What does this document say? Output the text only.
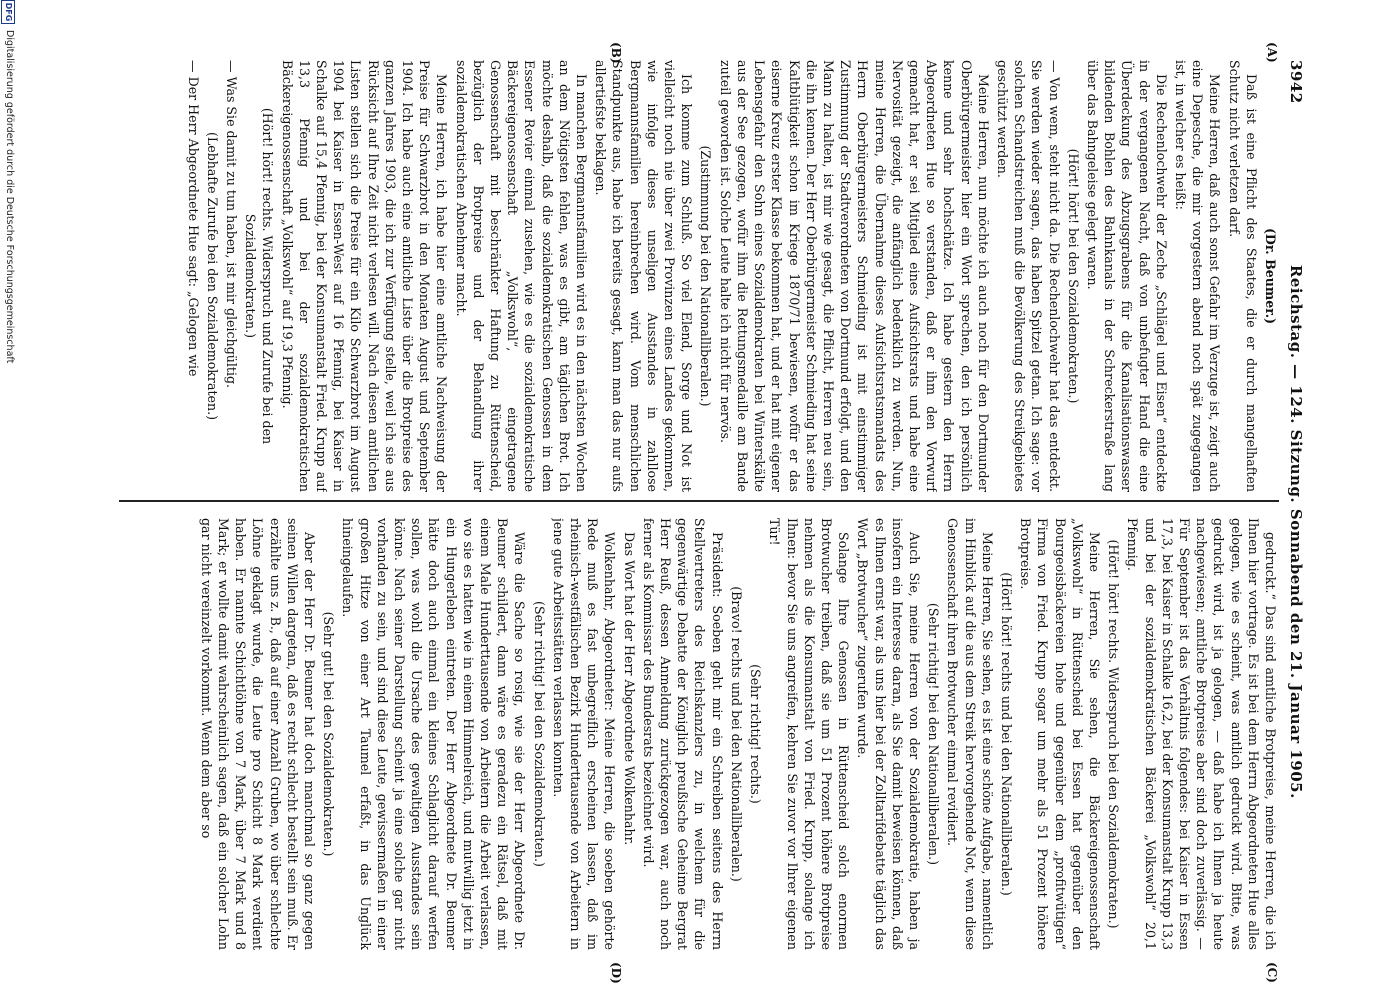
3942
Reichstag. — 124. Sitzung. Sonnabend den 21. Januar 1905.
(A)
(B)
(C)
(D)

(Dr. Beumer.)

Daß ist eine Pflicht des Staates, die er durch mangelhaften Schutz nicht verletzen darf.

Meine Herren, daß auch sonst Gefahr im Verzuge ist, zeigt auch eine Depesche, die mir vorgestern abend noch spät zugegangen ist, in welcher es heißt:

Die Rechenlochwehr der Zeche „Schlägel und Eisen“ entdeckte in der vergangenen Nacht, daß von unbefugter Hand die eine Überdeckung des Abzugsgrabens für die Kanalisationswasser bildenden Bohlen des Bahnkanals in der Schreckerstraße lang über das Bahngeleise gelegt waren.

(Hört! hört! bei den Sozialdemokraten.)

— Von wem, steht nicht da. Die Rechenlochwehr hat das entdeckt. Sie werden wieder sagen, das haben Spitzel getan. Ich sage: vor solchen Schandstreichen muß die Bevölkerung des Streikgebietes geschützt werden.

Meine Herren, nun möchte ich auch noch für den Dortmunder Oberbürgermeister hier ein Wort sprechen, den ich persönlich kenne und sehr hochschätze. Ich habe gestern den Herrn Abgeordneten Hue so verstanden, daß er ihm den Vorwurf gemacht hat, er sei Mitglied eines Aufsichtsrats und habe eine Nervosität gezeigt, die anfänglich bedenklich zu werden. Nun, meine Herren, die Übernahme dieses Aufsichtsratsmandats des Herrn Oberbürgermeisters Schmieding ist mit einstimmiger Zustimmung der Stadtverordneten von Dortmund erfolgt, und den Mann zu halten, ist mir wie gesagt, die Pflicht, Herren neu sein, die ihn kennen. Der Herr Oberbürgermeister Schmieding hat seine Kaltblütigkeit schon im Kriege 1870/71 bewiesen, wofür er das eiserne Kreuz erster Klasse bekommen hat, und er hat mit eigener Lebensgefahr den Sohn eines Sozialdemokraten bei Winterskälte aus der See gezogen, wofür ihm die Rettungsmedaille am Bande zuteil geworden ist. Solche Leute halte ich nicht für nervös.

(Zustimmung bei den Nationalliberalen.)

Ich komme zum Schluß. So viel Elend, Sorge und Not ist vielleicht noch nie über zwei Provinzen eines Landes gekommen, wie infolge dieses unseligen Ausstandes in zahllose Bergmannsfamilien hereinbrechen wird. Vom menschlichen Standpunkte aus, habe ich bereits gesagt, kann man das nur aufs allertiefste beklagen.

In manchen Bergmannsfamilien wird es in den nächsten Wochen an dem Nötigsten fehlen, was es gibt, am täglichen Brot. Ich möchte deshalb, daß die sozialdemokratischen Genossen in dem Essener Revier einmal zusehen, wie es die sozialdemokratische Bäckereigenossenschaft „Volkswohl“, eingetragene Genossenschaft mit beschränkter Haftung zu Rüttenscheid, bezüglich der Brotpreise und der Behandlung ihrer sozialdemokratischen Abnehmer macht.

Meine Herren, ich habe hier eine amtliche Nachweisung der Preise für Schwarzbrot in den Monaten August und September 1904. Ich habe auch eine amtliche Liste über die Brotpreise des ganzen Jahres 1903, die ich zur Verfügung stelle, weil ich sie aus Rücksicht auf Ihre Zeit nicht verlesen will. Nach diesen amtlichen Listen stellen sich die Preise für ein Kilo Schwarzbrot im August 1904 bei Kaiser in Essen-West auf 16 Pfennig, bei Kaiser in Schalke auf 15,4 Pfennig, bei der Konsumanstalt Fried. Krupp auf 13,3 Pfennig und bei der sozialdemokratischen Bäckereigenossenschaft „Volkswohl“ auf 19,3 Pfennig.

(Hört! hört! rechts. Widerspruch und Zurufe bei den Sozialdemokraten.)

— Was Sie damit zu tun haben, ist mir gleichgültig.

(Lebhafte Zurufe bei den Sozialdemokraten.)

— Der Herr Abgeordnete Hue sagt: „Gelogen wie

gedruckt.“ Das sind amtliche Brotpreise, meine Herren, die ich Ihnen hier vortrage. Es ist bei dem Herrn Abgeordneten Hue alles gelogen, wie es scheint, was amtlich gedruckt wird. Bitte, was gedruckt wird, ist ja gelogen, — daß habe ich Ihnen ja heute nachgewiesen; amtliche Brotpreise aber sind doch zuverlässig. — Für September ist das Verhältnis folgendes: bei Kaiser in Essen 17,3, bei Kaiser in Schalke 16,2, bei der Konsumanstalt Krupp 13,3 und bei der sozialdemokratischen Bäckerei „Volkswohl“ 20,1 Pfennig.

(Hört! hört! rechts. Widerspruch bei den Sozialdemokraten.)

Meine Herren, Sie sehen, die Bäckereigenossenschaft „Volkswohl“ in Rüttenscheid bei Essen hat gegenüber den Bourgeoisbäckereien hohe und gegenüber dem „profitwütigen“ Firma von Fried. Krupp sogar um mehr als 51 Prozent höhere Brotpreise.

(Hört! hört! rechts und bei den Nationalliberalen.)

Meine Herren, Sie sehen, es ist eine schöne Aufgabe, namentlich im Hinblick auf die aus dem Streik hervorgehende Not, wenn diese Genossenschaft ihren Brotwucher einmal revidiert.

(Sehr richtig! bei den Nationalliberalen.)

Auch Sie, meine Herren von der Sozialdemokratie, haben ja insofern ein Interesse daran, als Sie damit beweisen können, daß es Ihnen ernst war, als uns hier bei der Zolltarifdebatte täglich das Wort „Brotwucher“ zugerufen wurde.

Solange Ihre Genossen in Rüttenscheid solch enormen Brotwucher treiben, daß sie um 51 Prozent höhere Brotpreise nehmen als die Konsumanstalt von Fried. Krupp, solange ich Ihnen: bevor Sie uns angreifen, kehren Sie zuvor vor Ihrer eigenen Tür!

(Sehr richtig! rechts.)

(Bravo! rechts und bei den Nationalliberalen.)

Präsident: Soeben geht mir ein Schreiben seitens des Herrn Stellvertreters des Reichskanzlers zu, in welchem für die gegenwärtige Debatte der Königlich preußische Geheime Bergrat Herr Reuß, dessen Anmeldung zurückgezogen war, auch noch ferner als Kommissar des Bundesrats bezeichnet wird.

Das Wort hat der Herr Abgeordnete Wolkenhahr.

Wolkenhahr, Abgeordneter: Meine Herren, die soeben gehörte Rede muß es fast unbegreiflich erscheinen lassen, daß im rheinisch-westfälischen Bezirk Hunderttausende von Arbeitern in jene gute Arbeitsstätten verlassen konnten.

(Sehr richtig! bei den Sozialdemokraten.)

Wäre die Sache so rosig, wie sie der Herr Abgeordnete Dr. Beumer schildert, dann wäre es geradezu ein Rätsel, daß mit einem Male Hunderttausende von Arbeitern die Arbeit verlassen, wo sie es hatten wie in einem Himmelreich, und mutwillig jetzt in ein Hungerleben eintreten. Der Herr Abgeordnete Dr. Beumer hätte doch auch einmal ein kleines Schlaglicht darauf werfen sollen, was wohl die Ursache des gewaltigen Ausstandes sein könne. Nach seiner Darstellung scheint ja eine solche gar nicht vorhanden zu sein, und sind diese Leute, gewissermaßen in einer großen Hitze von einer Art Taumel erfaßt, in das Unglück hineingelaufen.

(Sehr gut! bei den Sozialdemokraten.)

Aber der Herr Dr. Beumer hat doch manchmal so ganz gegen seinen Willen dargetan, daß es recht schlecht bestellt sein muß. Er erzählte uns z. B., daß auf einer Anzahl Gruben, wo über schlechte Löhne geklagt wurde, die Leute pro Schicht 8 Mark verdient haben. Er nannte Schichtlöhne von 7 Mark, über 7 Mark und 8 Mark; er wollte damit wahrscheinlich sagen, daß ein solcher Lohn gar nicht vereinzelt vorkommt. Wenn dem aber so

DFG
Digitalisierung gefördert durch die Deutsche Forschungsgemeinschaft
